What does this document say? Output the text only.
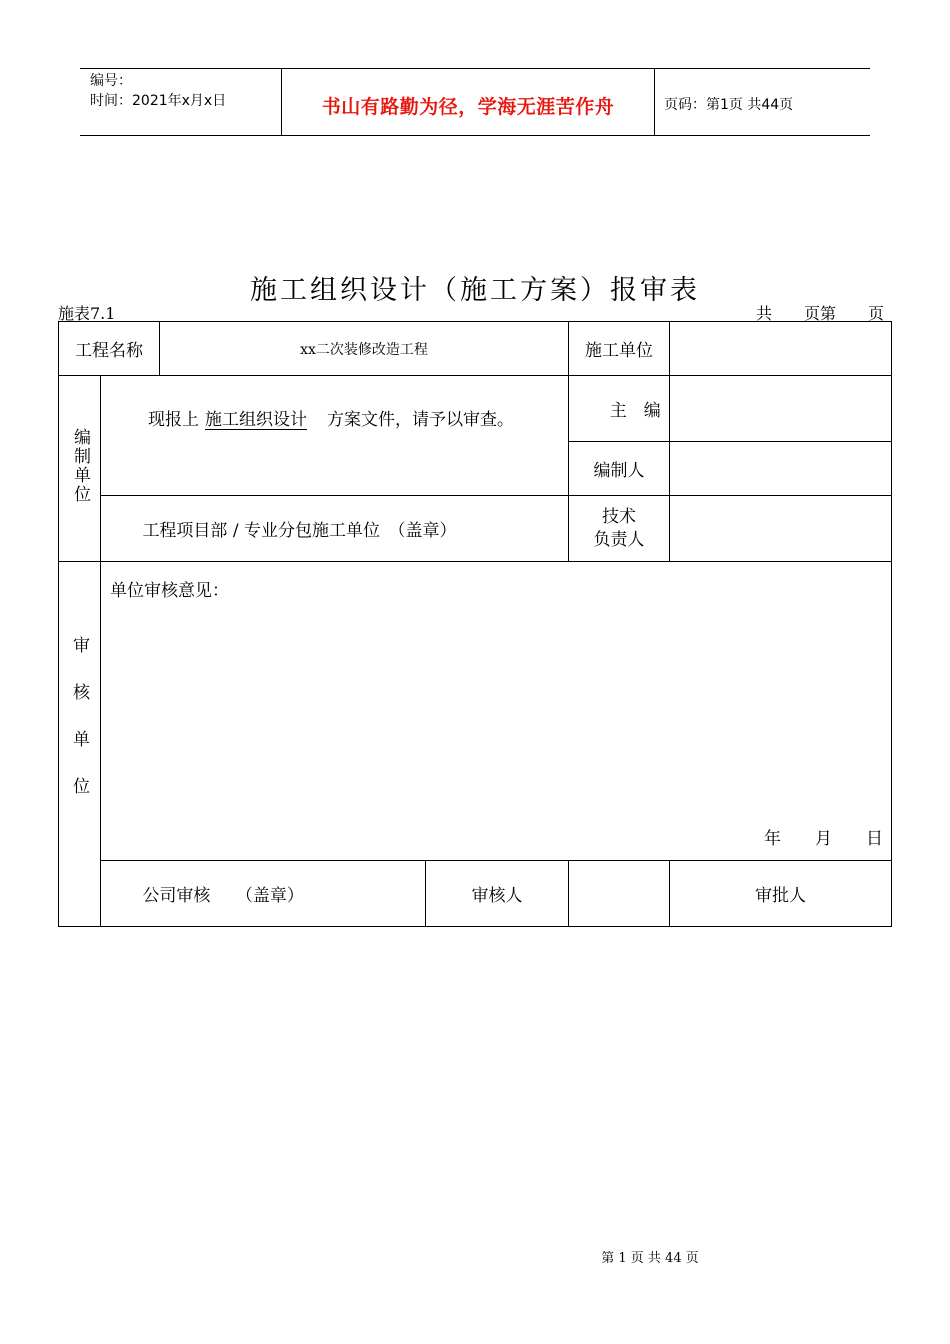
编号：
时间：2021年x月x日	书山有路勤为径，学海无涯苦作舟	页码：第1页 共44页
施工组织设计（施工方案）报审表
施表7.1	共　　页第　　页
工程名称		xx二次装修改造工程		施工单位		
编制单位	现报上 施工组织设计 方案文件，请予以审查。			主　编	

				编制人		

工程项目部 / 专业分包施工单位　（盖章）			技术
负责人		

审核单位	单位审核意见：
年　　月　　日					

公司审核　　（盖章）		审核人		审批人	
第 1 页 共 44 页
